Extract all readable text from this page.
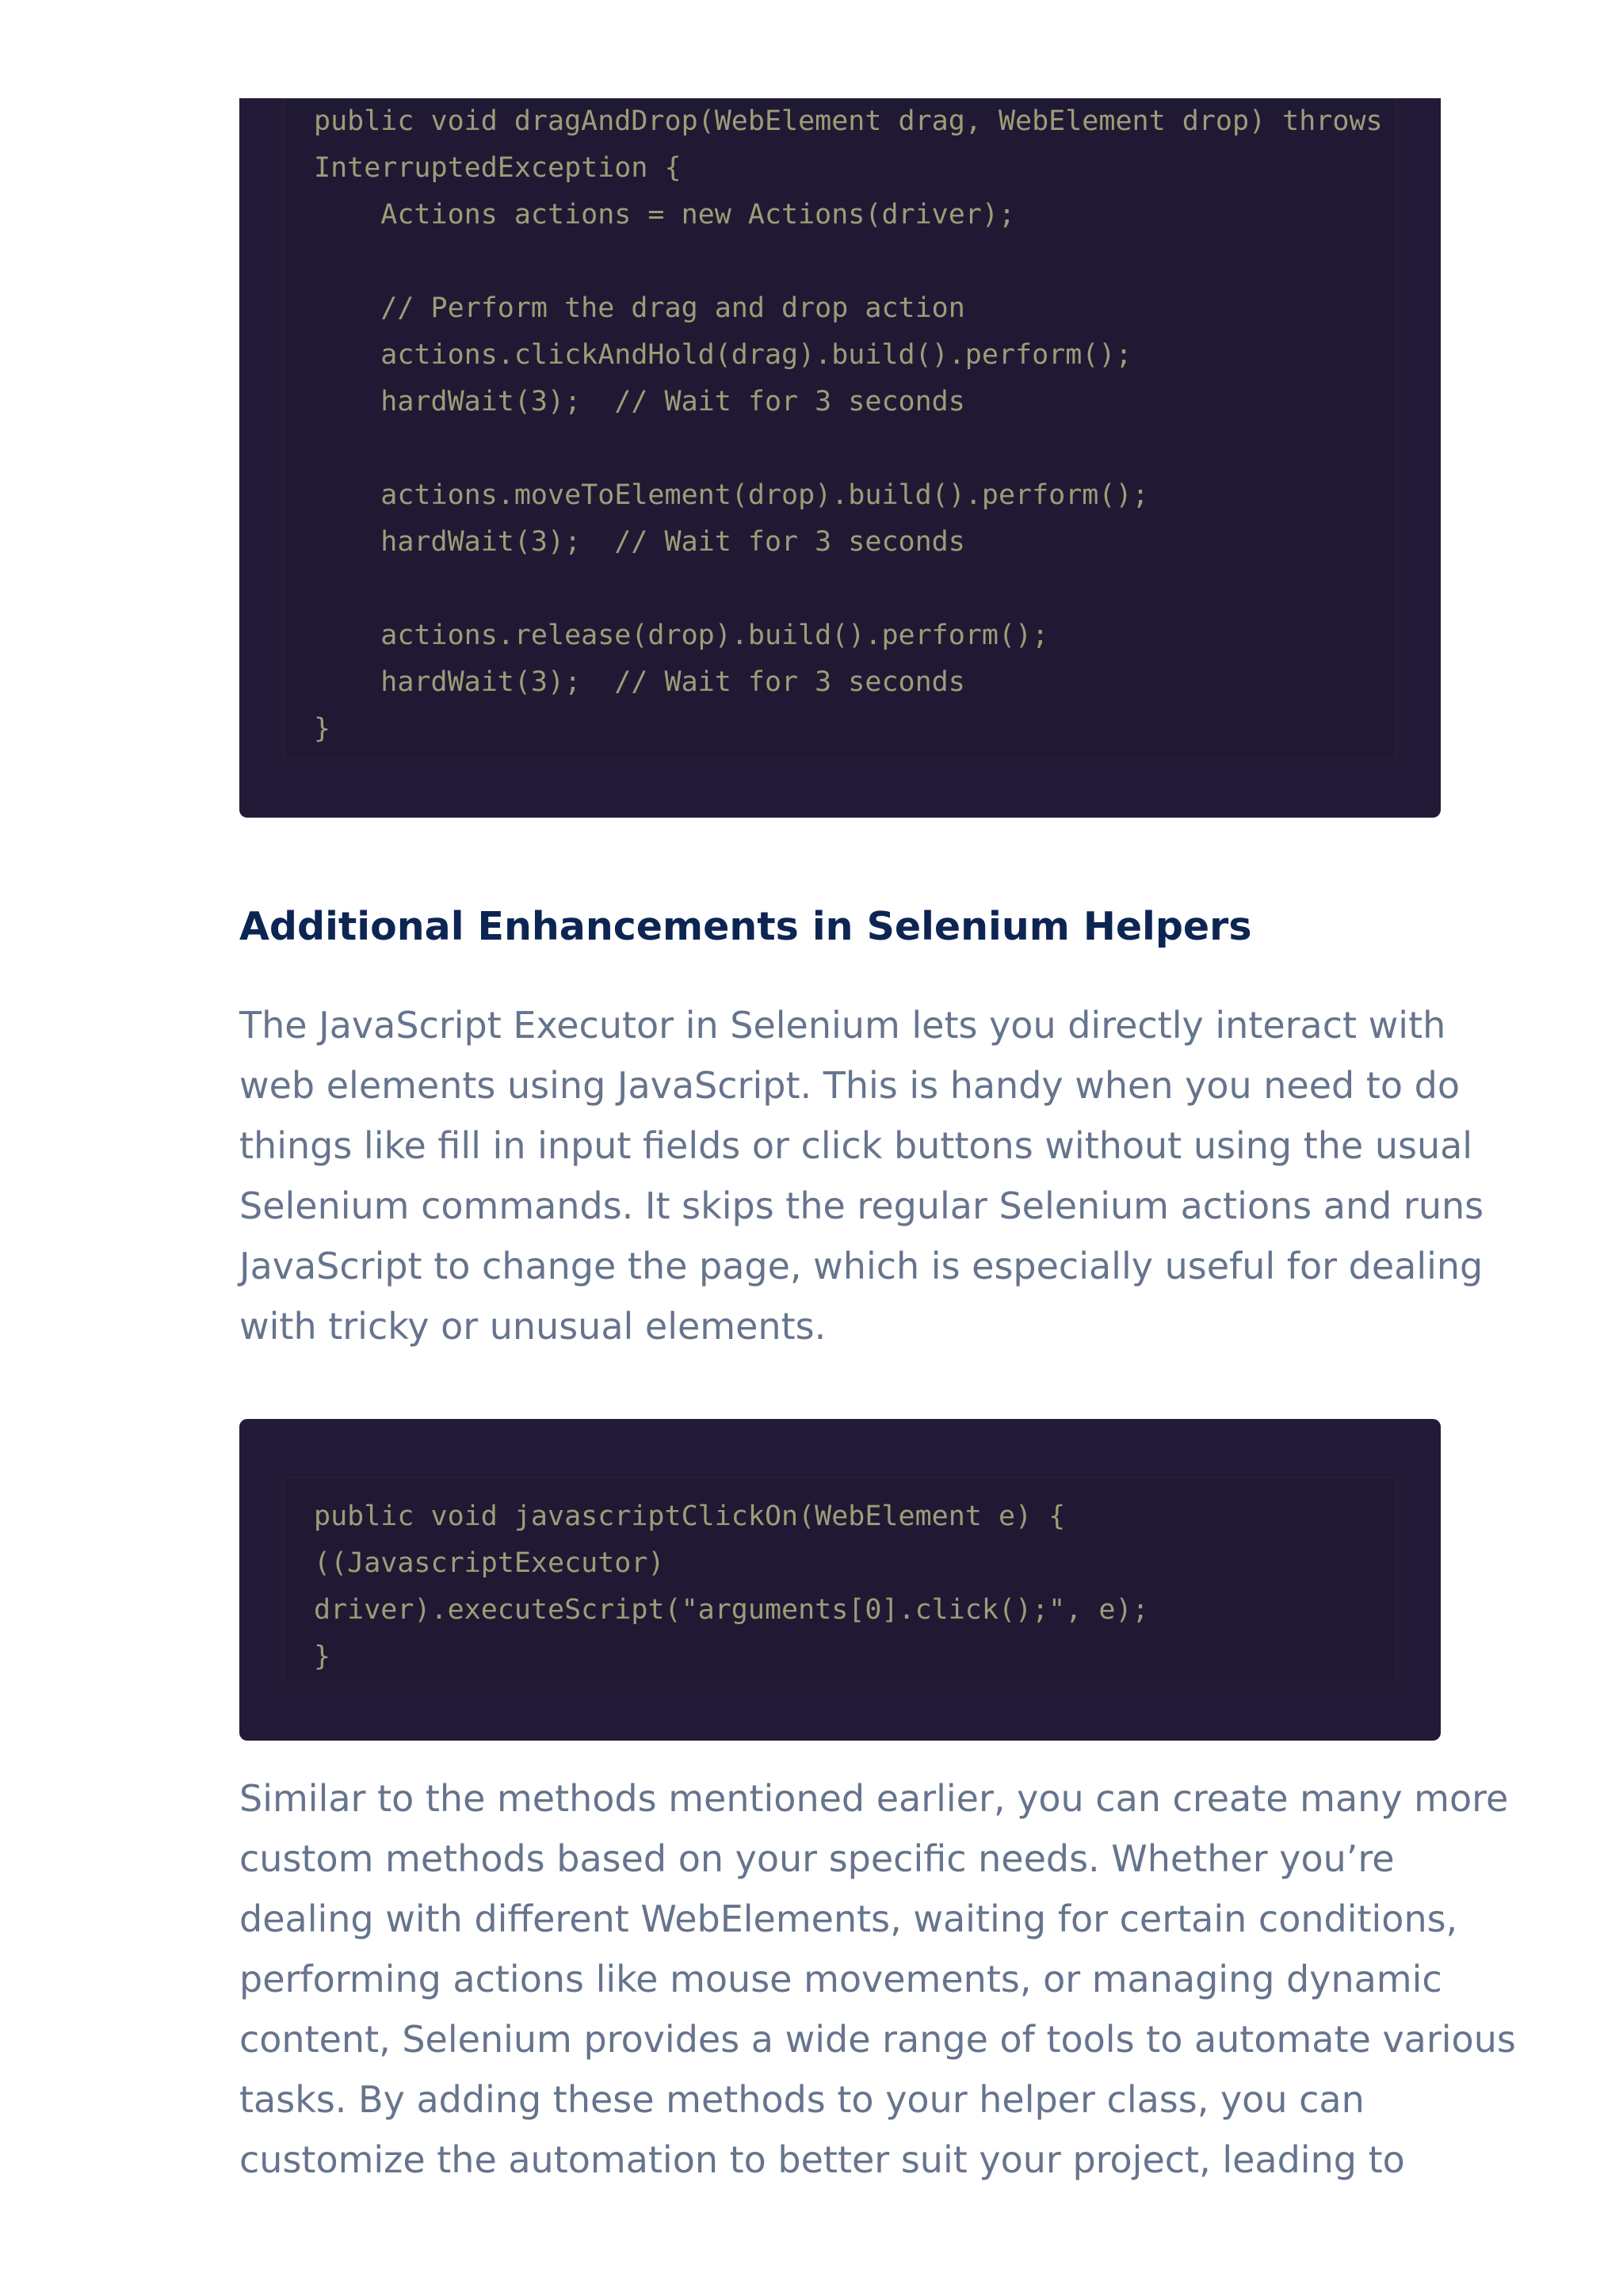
public void dragAndDrop(WebElement drag, WebElement drop) throws
InterruptedException {
Actions actions = new Actions(driver);
// Perform the drag and drop action
actions.clickAndHold(drag).build().perform();
hardWait(3);  // Wait for 3 seconds
actions.moveToElement(drop).build().perform();
hardWait(3);  // Wait for 3 seconds
actions.release(drop).build().perform();
hardWait(3);  // Wait for 3 seconds
}
Additional Enhancements in Selenium Helpers

The JavaScript Executor in Selenium lets you directly interact with
web elements using JavaScript. This is handy when you need to do
things like fill in input fields or click buttons without using the usual
Selenium commands. It skips the regular Selenium actions and runs
JavaScript to change the page, which is especially useful for dealing
with tricky or unusual elements.

public void javascriptClickOn(WebElement e) {
((JavascriptExecutor)
driver).executeScript("arguments[0].click();", e);
}

Similar to the methods mentioned earlier, you can create many more
custom methods based on your specific needs. Whether you’re
dealing with different WebElements, waiting for certain conditions,
performing actions like mouse movements, or managing dynamic
content, Selenium provides a wide range of tools to automate various
tasks. By adding these methods to your helper class, you can
customize the automation to better suit your project, leading to
